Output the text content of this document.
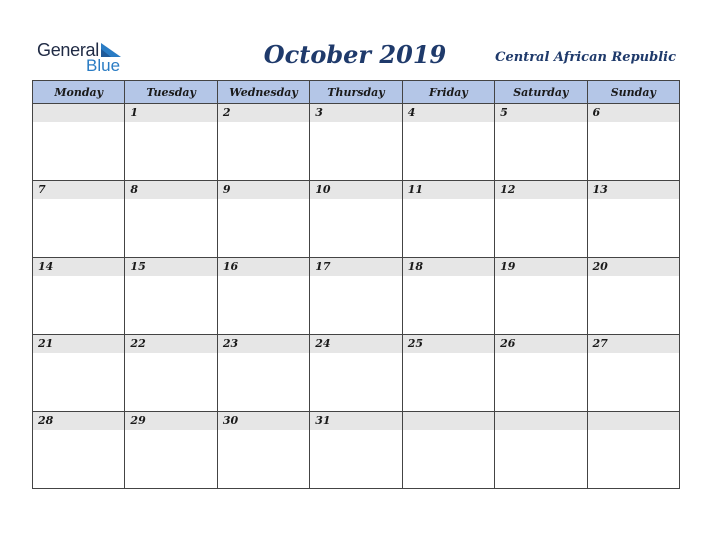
General
Blue	October 2019	Central African Republic
Monday	Tuesday	Wednesday	Thursday	Friday	Saturday	Sunday

	1	2	3	4	5	6

7	8	9	10	11	12	13

14	15	16	17	18	19	20

21	22	23	24	25	26	27

28	29	30	31			
